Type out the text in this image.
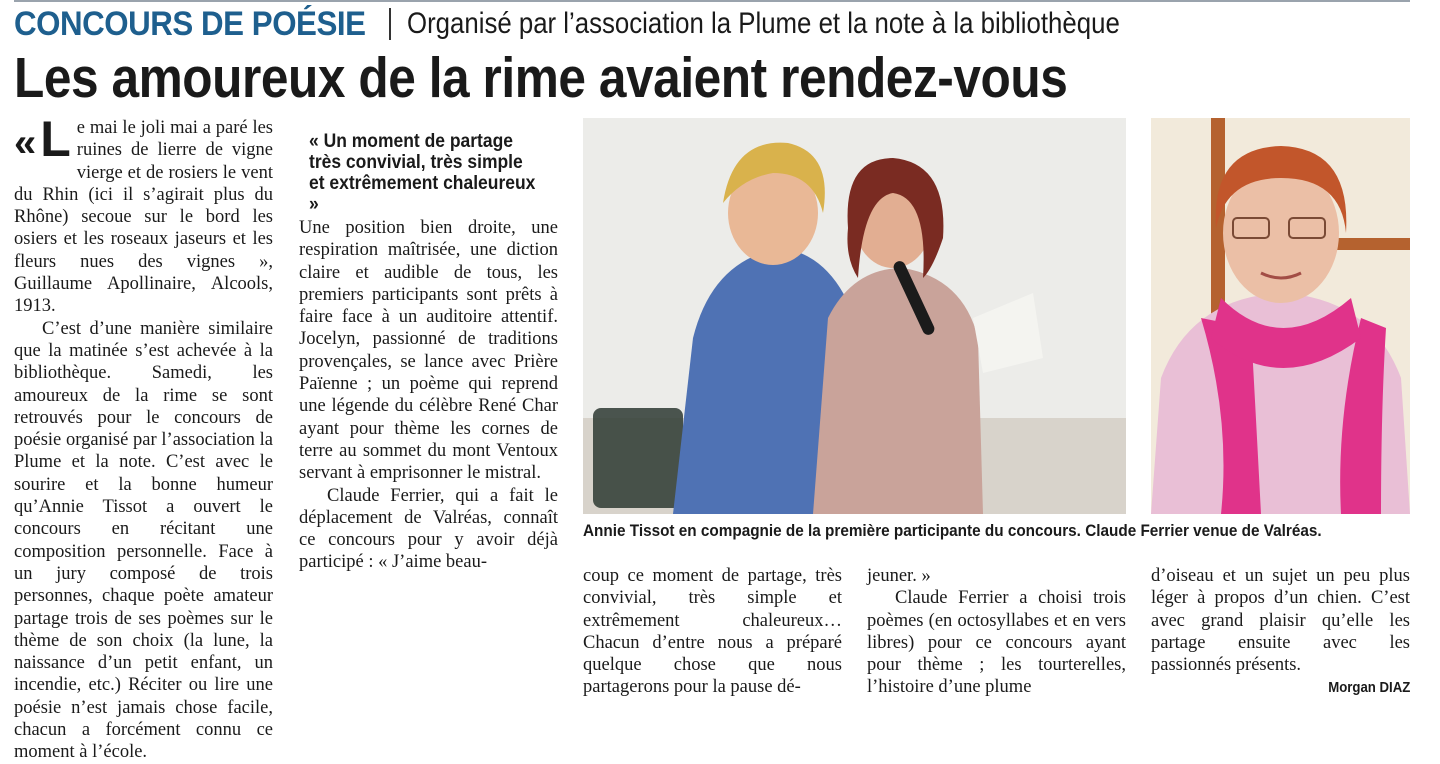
CONCOURS DE POÉSIE Organisé par l’association la Plume et la note à la bibliothèque
Les amoureux de la rime avaient rendez-vous

«L e mai le joli mai a paré les ruines de lierre de vigne vierge et de rosiers le vent du Rhin (ici il s’agirait plus du Rhône) secoue sur le bord les osiers et les roseaux jaseurs et les fleurs nues des vignes », Guillaume Apollinaire, Alcools, 1913.

C’est d’une manière similaire que la matinée s’est achevée à la bibliothèque. Samedi, les amoureux de la rime se sont retrouvés pour le concours de poésie organisé par l’association la Plume et la note. C’est avec le sourire et la bonne humeur qu’Annie Tissot a ouvert le concours en récitant une composition personnelle. Face à un jury composé de trois personnes, chaque poète amateur partage trois de ses poèmes sur le thème de son choix (la lune, la naissance d’un petit enfant, un incendie, etc.) Réciter ou lire une poésie n’est jamais chose facile, chacun a forcément connu ce moment à l’école.

« Un moment de partage très convivial, très simple et extrêmement chaleureux »

Une position bien droite, une respiration maîtrisée, une diction claire et audible de tous, les premiers participants sont prêts à faire face à un auditoire attentif. Jocelyn, passionné de traditions provençales, se lance avec Prière Païenne ; un poème qui reprend une légende du célèbre René Char ayant pour thème les cornes de terre au sommet du mont Ventoux servant à emprisonner le mistral.

Claude Ferrier, qui a fait le déplacement de Valréas, connaît ce concours pour y avoir déjà participé : « J’aime beau-

Annie Tissot en compagnie de la première participante du concours. Claude Ferrier venue de Valréas.

coup ce moment de partage, très convivial, très simple et extrêmement chaleureux… Chacun d’entre nous a préparé quelque chose que nous partagerons pour la pause dé-

jeuner. »

Claude Ferrier a choisi trois poèmes (en octosyllabes et en vers libres) pour ce concours ayant pour thème ; les tourterelles, l’histoire d’une plume

d’oiseau et un sujet un peu plus léger à propos d’un chien. C’est avec grand plaisir qu’elle les partage ensuite avec les passionnés présents.

Morgan DIAZ
